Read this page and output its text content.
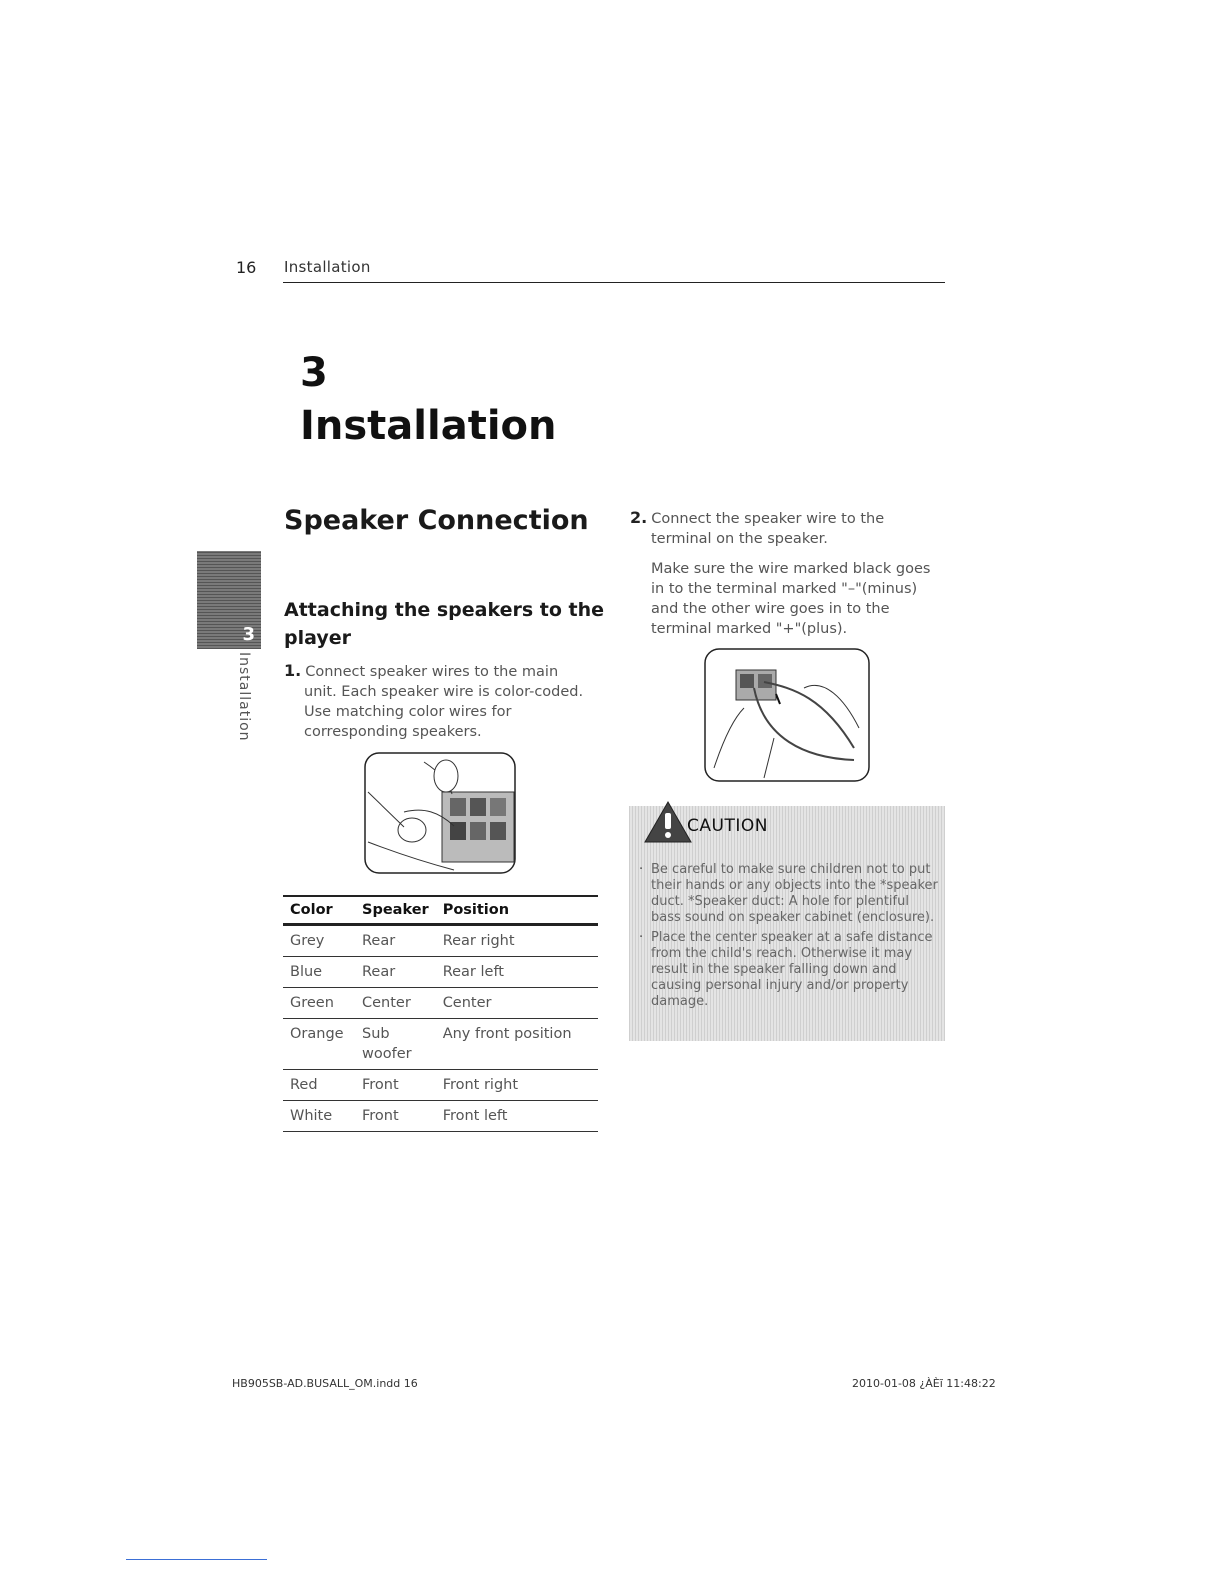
16 Installation
3
Installation
3
Installation
Speaker Connection
Attaching the speakers to the player
1. Connect speaker wires to the main unit. Each speaker wire is color-coded. Use matching color wires for corresponding speakers.
2. Connect the speaker wire to the terminal on the speaker.
Make sure the wire marked black goes in to the terminal marked "–"(minus) and the other wire goes in to the terminal marked "+"(plus).
Color	Speaker	Position
Grey	Rear	Rear right
Blue	Rear	Rear left
Green	Center	Center
Orange	Sub woofer	Any front position
Red	Front	Front right
White	Front	Front left
CAUTION
· Be careful to make sure children not to put their hands or any objects into the *speaker duct. *Speaker duct: A hole for plentiful bass sound on speaker cabinet (enclosure).
· Place the center speaker at a safe distance from the child's reach. Otherwise it may result in the speaker falling down and causing personal injury and/or property damage.
HB905SB-AD.BUSALL_OM.indd 16	2010-01-08 ¿ÀÈĩ 11:48:22
